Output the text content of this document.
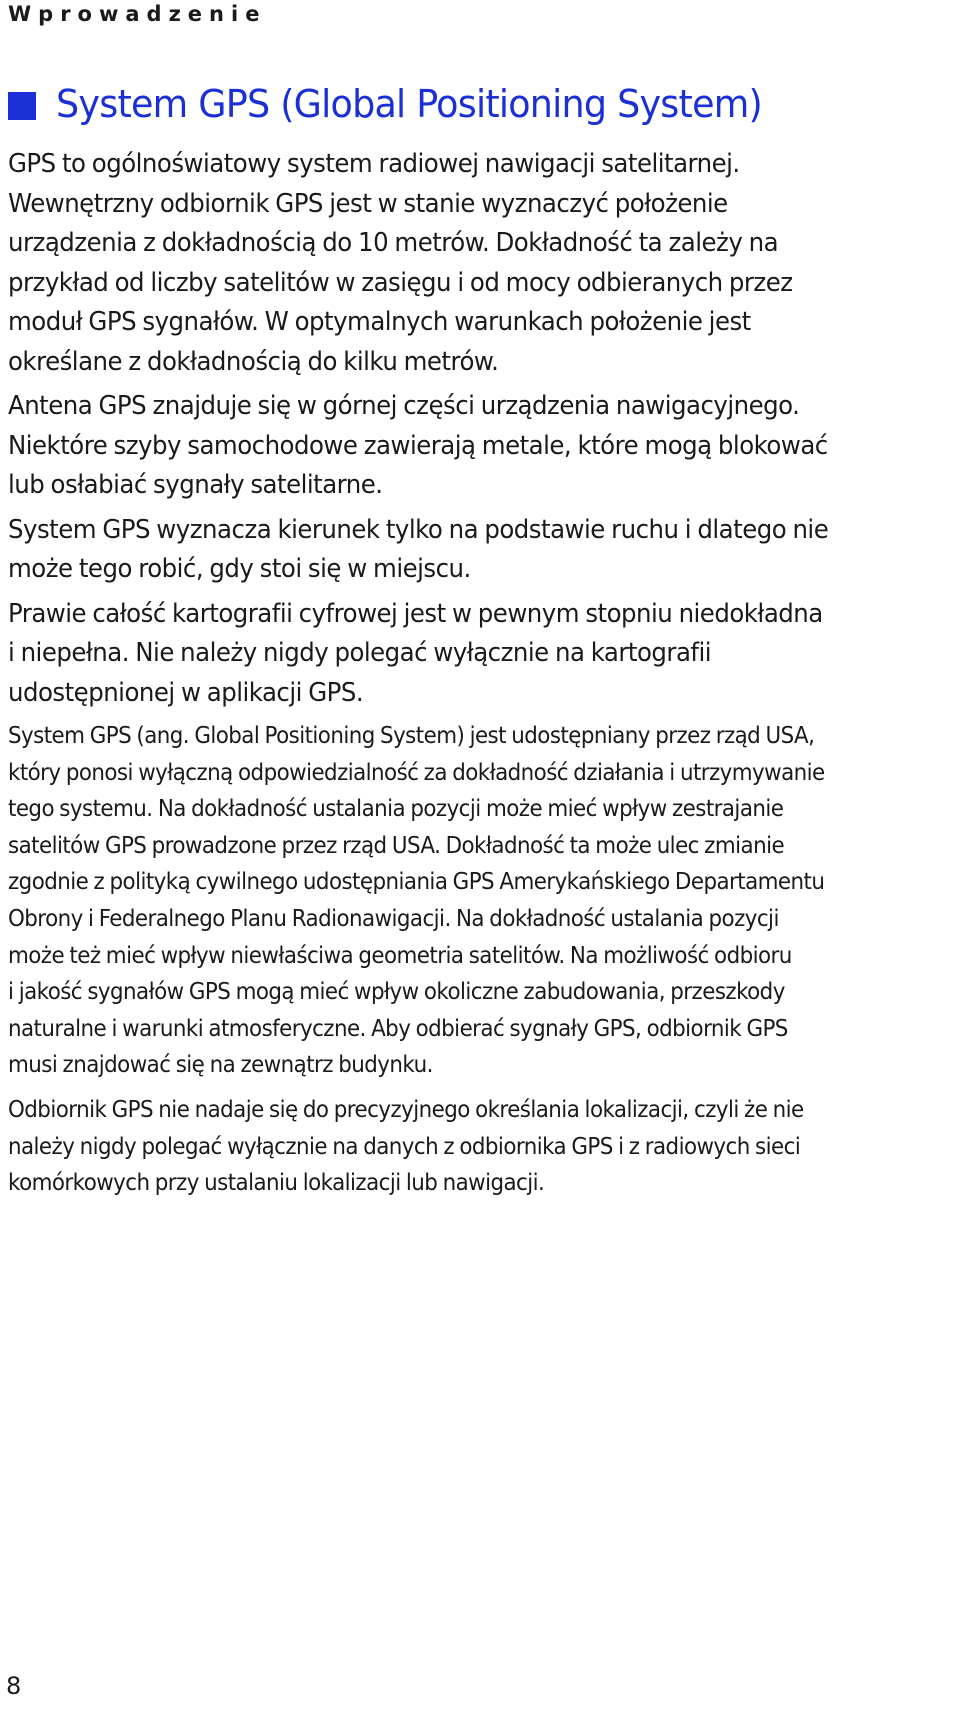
Wprowadzenie
System GPS (Global Positioning System)

GPS to ogólnoświatowy system radiowej nawigacji satelitarnej.
Wewnętrzny odbiornik GPS jest w stanie wyznaczyć położenie
urządzenia z dokładnością do 10 metrów. Dokładność ta zależy na
przykład od liczby satelitów w zasięgu i od mocy odbieranych przez
moduł GPS sygnałów. W optymalnych warunkach położenie jest
określane z dokładnością do kilku metrów.

Antena GPS znajduje się w górnej części urządzenia nawigacyjnego.
Niektóre szyby samochodowe zawierają metale, które mogą blokować
lub osłabiać sygnały satelitarne.

System GPS wyznacza kierunek tylko na podstawie ruchu i dlatego nie
może tego robić, gdy stoi się w miejscu.

Prawie całość kartografii cyfrowej jest w pewnym stopniu niedokładna
i niepełna. Nie należy nigdy polegać wyłącznie na kartografii
udostępnionej w aplikacji GPS.

System GPS (ang. Global Positioning System) jest udostępniany przez rząd USA,
który ponosi wyłączną odpowiedzialność za dokładność działania i utrzymywanie
tego systemu. Na dokładność ustalania pozycji może mieć wpływ zestrajanie
satelitów GPS prowadzone przez rząd USA. Dokładność ta może ulec zmianie
zgodnie z polityką cywilnego udostępniania GPS Amerykańskiego Departamentu
Obrony i Federalnego Planu Radionawigacji. Na dokładność ustalania pozycji
może też mieć wpływ niewłaściwa geometria satelitów. Na możliwość odbioru
i jakość sygnałów GPS mogą mieć wpływ okoliczne zabudowania, przeszkody
naturalne i warunki atmosferyczne. Aby odbierać sygnały GPS, odbiornik GPS
musi znajdować się na zewnątrz budynku.

Odbiornik GPS nie nadaje się do precyzyjnego określania lokalizacji, czyli że nie
należy nigdy polegać wyłącznie na danych z odbiornika GPS i z radiowych sieci
komórkowych przy ustalaniu lokalizacji lub nawigacji.

8
